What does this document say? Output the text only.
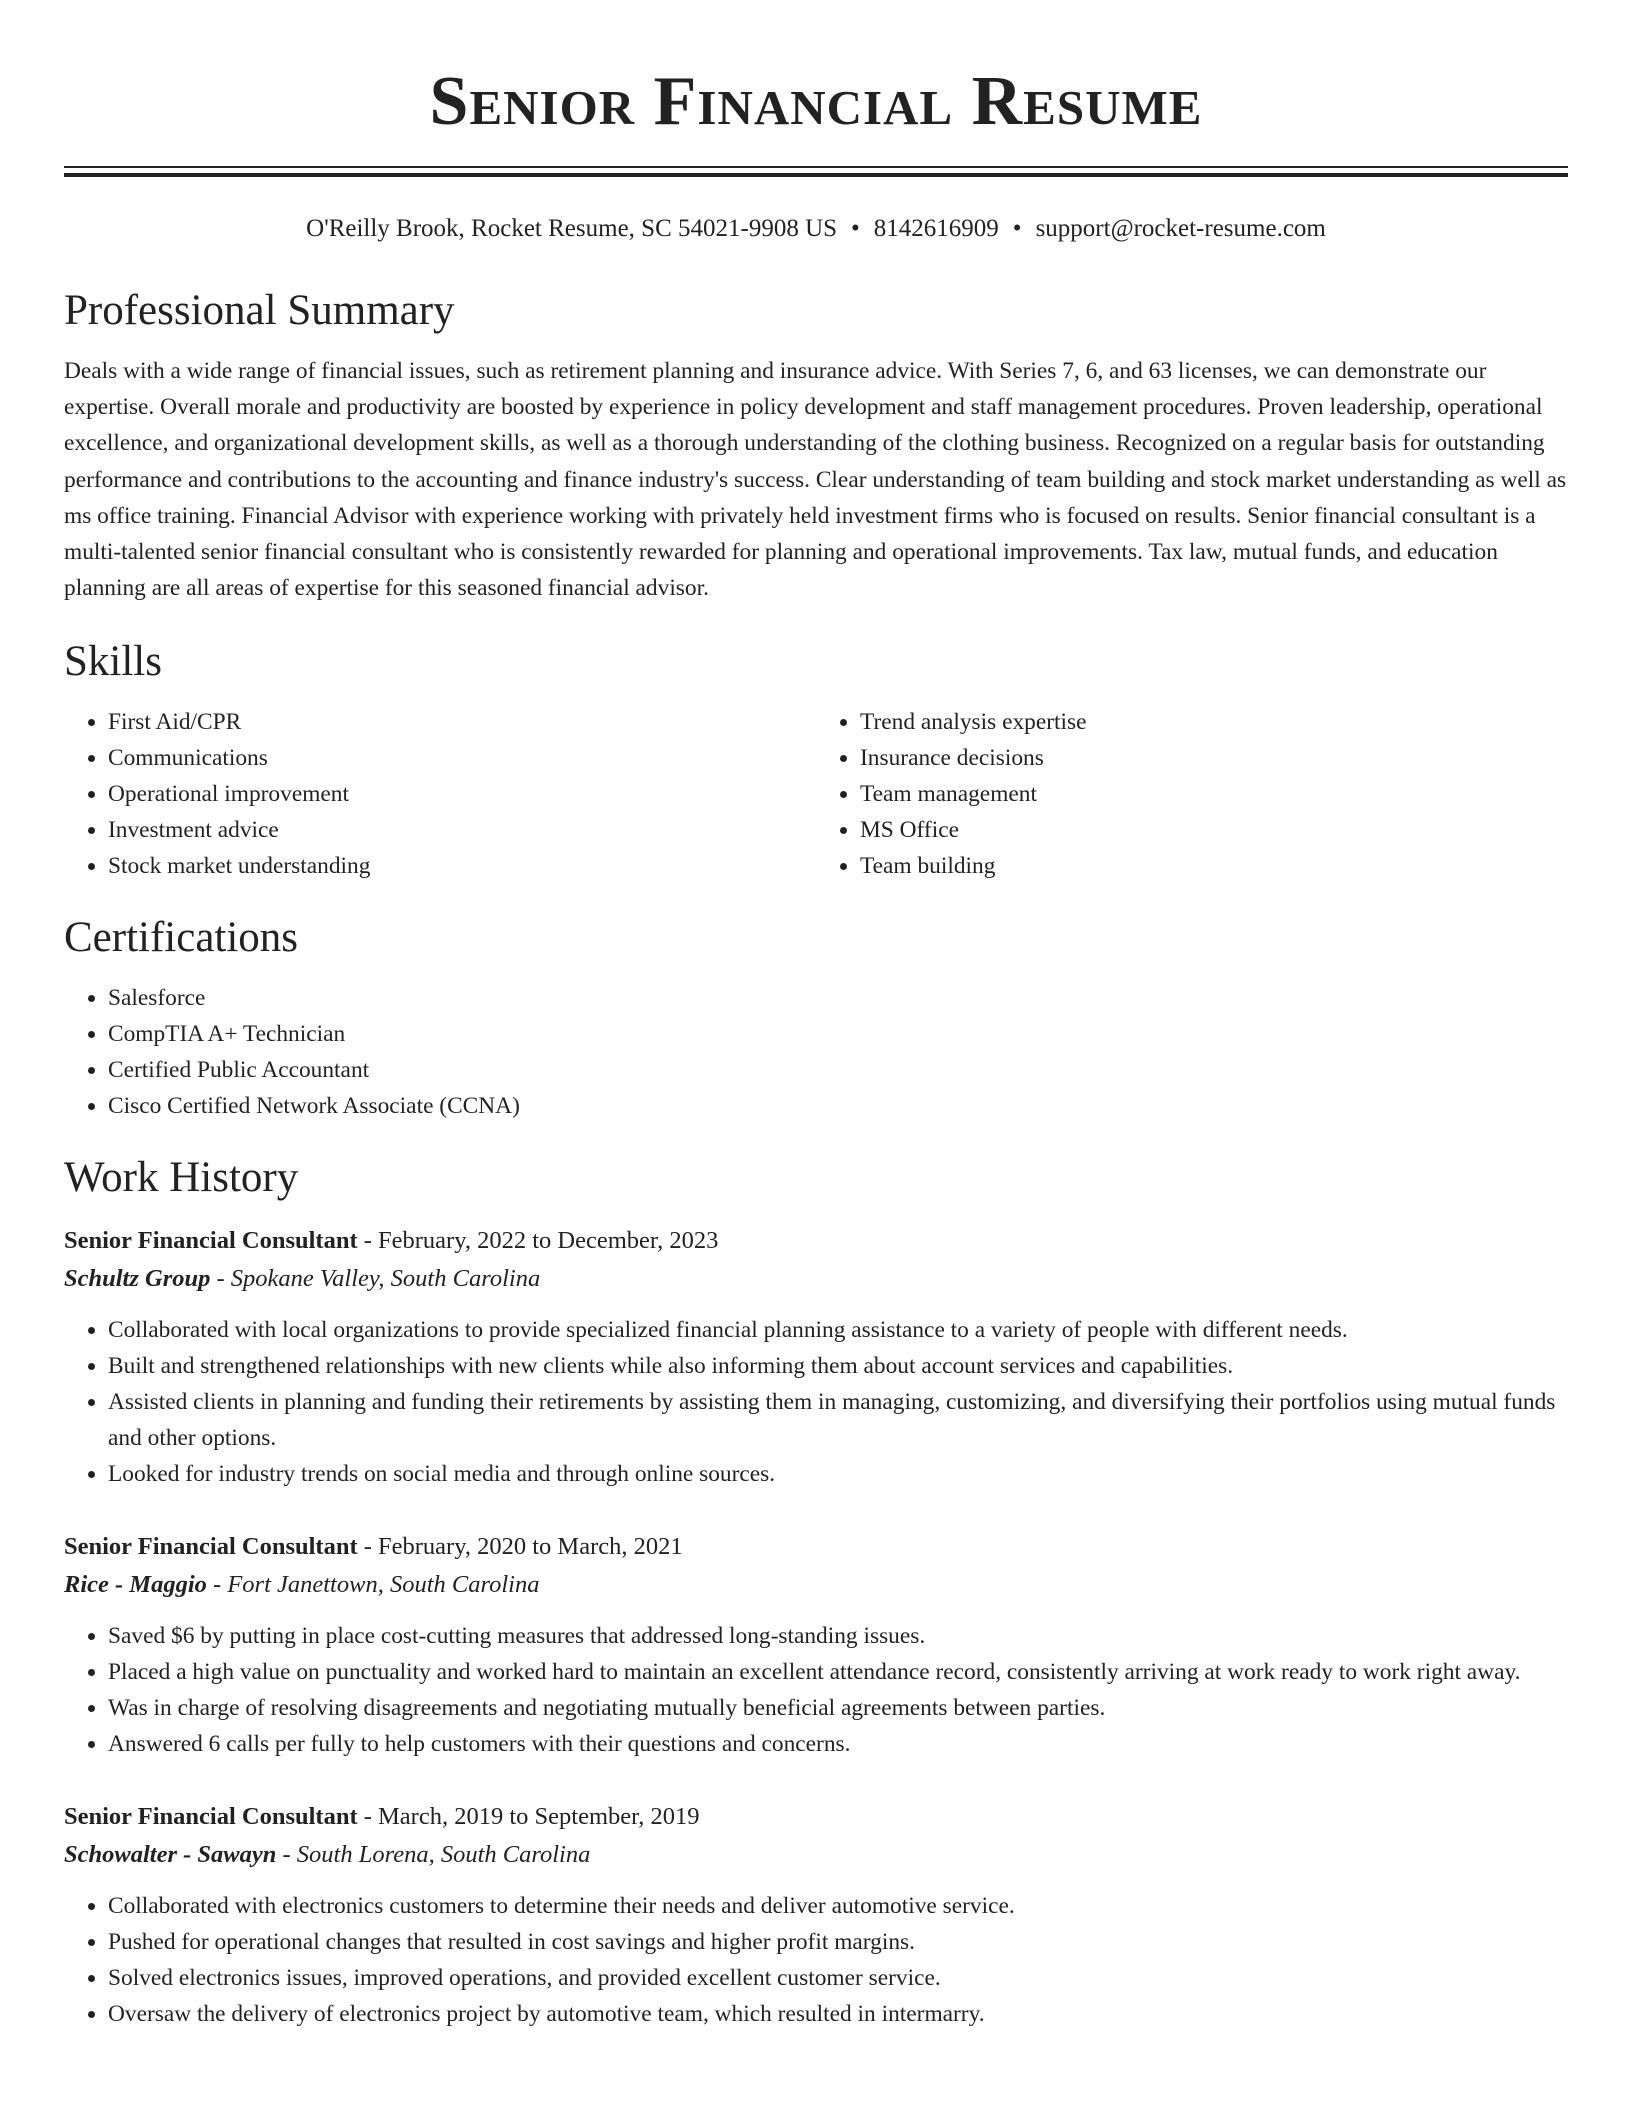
Senior Financial Resume
O'Reilly Brook, Rocket Resume, SC 54021-9908 US • 8142616909 • support@rocket-resume.com
Professional Summary

Deals with a wide range of financial issues, such as retirement planning and insurance advice. With Series 7, 6, and 63 licenses, we can demonstrate our expertise. Overall morale and productivity are boosted by experience in policy development and staff management procedures. Proven leadership, operational excellence, and organizational development skills, as well as a thorough understanding of the clothing business. Recognized on a regular basis for outstanding performance and contributions to the accounting and finance industry's success. Clear understanding of team building and stock market understanding as well as ms office training. Financial Advisor with experience working with privately held investment firms who is focused on results. Senior financial consultant is a multi-talented senior financial consultant who is consistently rewarded for planning and operational improvements. Tax law, mutual funds, and education planning are all areas of expertise for this seasoned financial advisor.

Skills
• First Aid/CPR
• Communications
• Operational improvement
• Investment advice
• Stock market understanding
• Trend analysis expertise
• Insurance decisions
• Team management
• MS Office
• Team building
Certifications
• Salesforce
• CompTIA A+ Technician
• Certified Public Accountant
• Cisco Certified Network Associate (CCNA)
Work History
Senior Financial Consultant - February, 2022 to December, 2023
Schultz Group - Spokane Valley, South Carolina
• Collaborated with local organizations to provide specialized financial planning assistance to a variety of people with different needs.
• Built and strengthened relationships with new clients while also informing them about account services and capabilities.
• Assisted clients in planning and funding their retirements by assisting them in managing, customizing, and diversifying their portfolios using mutual funds and other options.
• Looked for industry trends on social media and through online sources.
Senior Financial Consultant - February, 2020 to March, 2021
Rice - Maggio - Fort Janettown, South Carolina
• Saved $6 by putting in place cost-cutting measures that addressed long-standing issues.
• Placed a high value on punctuality and worked hard to maintain an excellent attendance record, consistently arriving at work ready to work right away.
• Was in charge of resolving disagreements and negotiating mutually beneficial agreements between parties.
• Answered 6 calls per fully to help customers with their questions and concerns.
Senior Financial Consultant - March, 2019 to September, 2019
Schowalter - Sawayn - South Lorena, South Carolina
• Collaborated with electronics customers to determine their needs and deliver automotive service.
• Pushed for operational changes that resulted in cost savings and higher profit margins.
• Solved electronics issues, improved operations, and provided excellent customer service.
• Oversaw the delivery of electronics project by automotive team, which resulted in intermarry.
